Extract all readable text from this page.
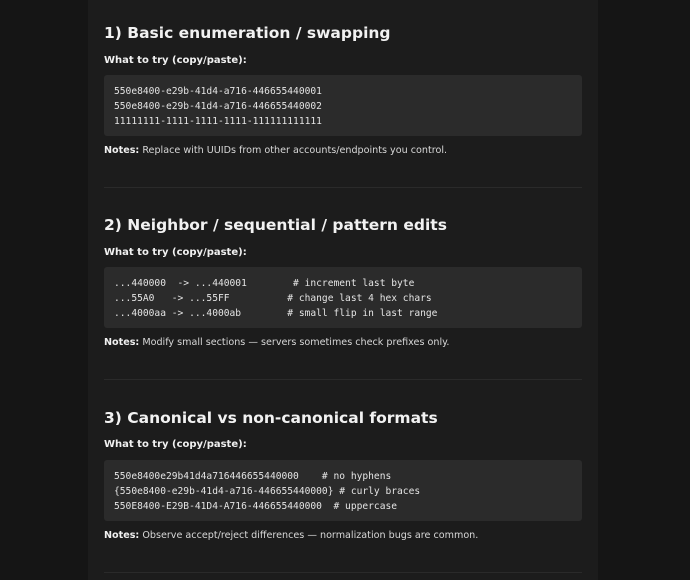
1) Basic enumeration / swapping

What to try (copy/paste):

550e8400-e29b-41d4-a716-446655440001
550e8400-e29b-41d4-a716-446655440002
11111111-1111-1111-1111-111111111111

Notes: Replace with UUIDs from other accounts/endpoints you control.

2) Neighbor / sequential / pattern edits

What to try (copy/paste):

...440000  -> ...440001        # increment last byte
...55A0   -> ...55FF          # change last 4 hex chars
...4000aa -> ...4000ab        # small flip in last range

Notes: Modify small sections — servers sometimes check prefixes only.

3) Canonical vs non-canonical formats

What to try (copy/paste):

550e8400e29b41d4a716446655440000    # no hyphens
{550e8400-e29b-41d4-a716-446655440000} # curly braces
550E8400-E29B-41D4-A716-446655440000  # uppercase

Notes: Observe accept/reject differences — normalization bugs are common.
